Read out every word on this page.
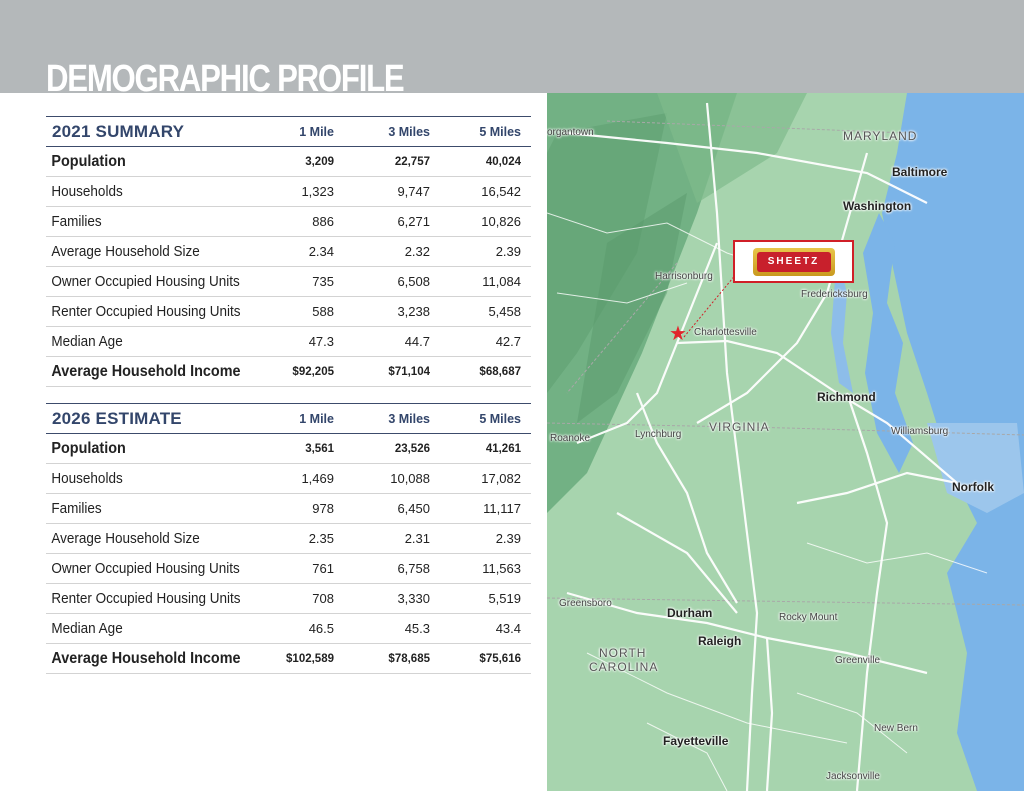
DEMOGRAPHIC PROFILE
2021 SUMMARY	1 Mile	3 Miles	5 Miles
Population	3,209	22,757	40,024
Households	1,323	9,747	16,542
Families	886	6,271	10,826
Average Household Size	2.34	2.32	2.39
Owner Occupied Housing Units	735	6,508	11,084
Renter Occupied Housing Units	588	3,238	5,458
Median Age	47.3	44.7	42.7
Average Household Income	$92,205	$71,104	$68,687
2026 ESTIMATE	1 Mile	3 Miles	5 Miles
Population	3,561	23,526	41,261
Households	1,469	10,088	17,082
Families	978	6,450	11,117
Average Household Size	2.35	2.31	2.39
Owner Occupied Housing Units	761	6,758	11,563
Renter Occupied Housing Units	708	3,330	5,519
Median Age	46.5	45.3	43.4
Average Household Income	$102,589	$78,685	$75,616
MARYLAND
Baltimore
Washington
organtown
Harrisonburg
Fredericksburg
Charlottesville
Richmond
VIRGINIA
Roanoke	Lynchburg	Williamsburg
Norfolk
Greensboro
Durham	Rocky Mount
Raleigh
NORTH
CAROLINA	Greenville
New Bern
Fayetteville
Jacksonville
SHEETZ
★
